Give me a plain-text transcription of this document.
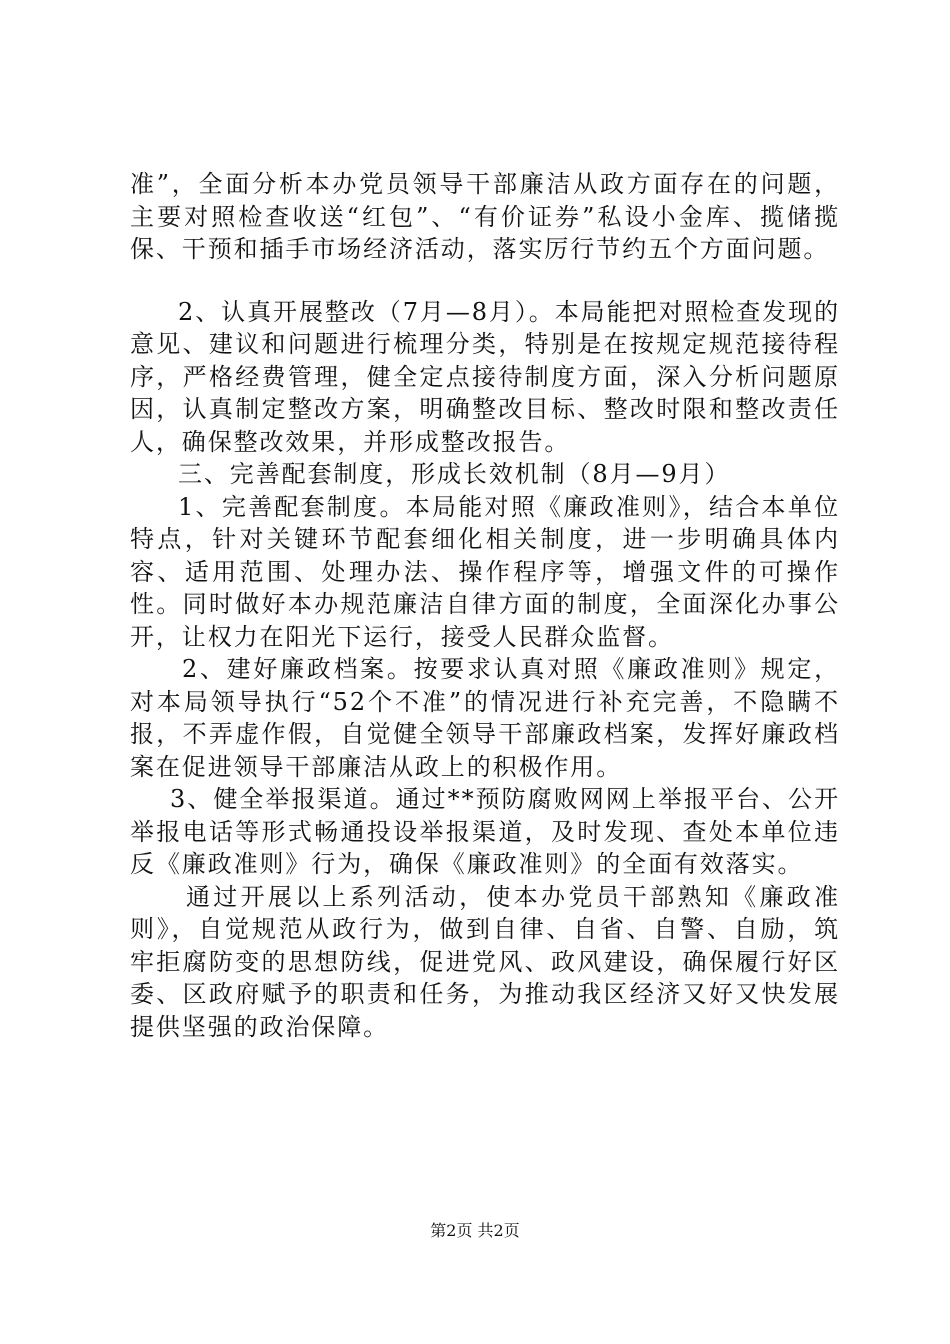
准”，全面分析本办党员领导干部廉洁从政方面存在的问题，主要对照检查收送“红包”、“有价证券”私设小金库、揽储揽保、干预和插手市场经济活动，落实厉行节约五个方面问题。

2、认真开展整改（7月—8月）。本局能把对照检查发现的意见、建议和问题进行梳理分类，特别是在按规定规范接待程序，严格经费管理，健全定点接待制度方面，深入分析问题原因，认真制定整改方案，明确整改目标、整改时限和整改责任人，确保整改效果，并形成整改报告。

三、完善配套制度，形成长效机制（8月—9月）

1、完善配套制度。本局能对照《廉政准则》，结合本单位特点，针对关键环节配套细化相关制度，进一步明确具体内容、适用范围、处理办法、操作程序等，增强文件的可操作性。同时做好本办规范廉洁自律方面的制度，全面深化办事公开，让权力在阳光下运行，接受人民群众监督。

2、建好廉政档案。按要求认真对照《廉政准则》规定，对本局领导执行“52个不准”的情况进行补充完善，不隐瞒不报，不弄虚作假，自觉健全领导干部廉政档案，发挥好廉政档案在促进领导干部廉洁从政上的积极作用。

3、健全举报渠道。通过**预防腐败网网上举报平台、公开举报电话等形式畅通投设举报渠道，及时发现、查处本单位违反《廉政准则》行为，确保《廉政准则》的全面有效落实。

通过开展以上系列活动，使本办党员干部熟知《廉政准则》，自觉规范从政行为，做到自律、自省、自警、自励，筑牢拒腐防变的思想防线，促进党风、政风建设，确保履行好区委、区政府赋予的职责和任务，为推动我区经济又好又快发展提供坚强的政治保障。

第2页 共2页
